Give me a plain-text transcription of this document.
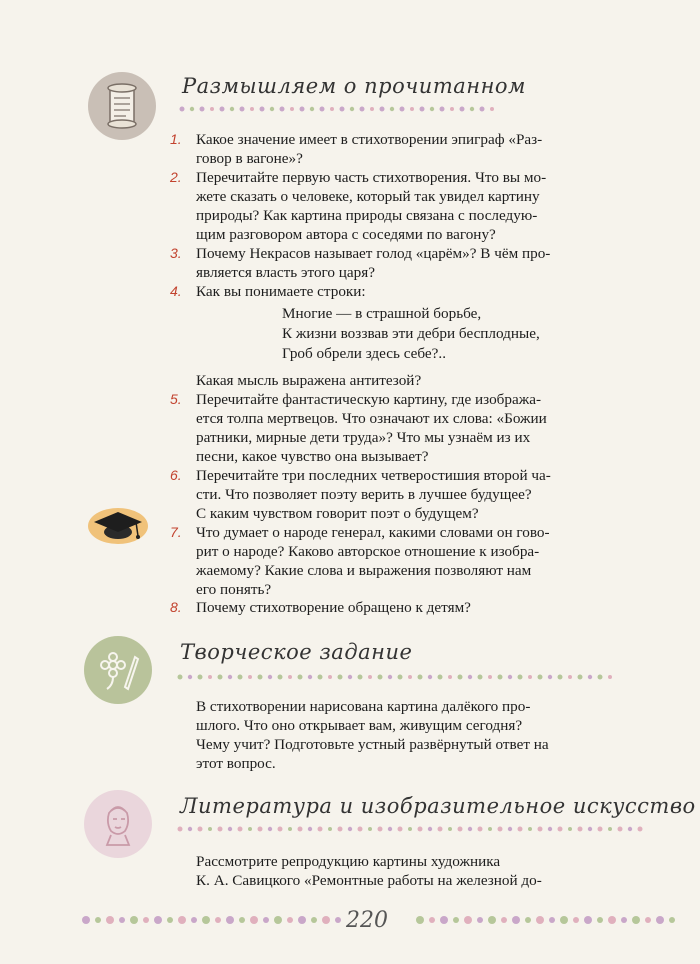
Размышляем о прочитанном
1. Какое значение имеет в стихотворении эпиграф «Раз-
говор в вагоне»?
2. Перечитайте первую часть стихотворения. Что вы мо-
жете сказать о человеке, который так увидел картину
природы? Как картина природы связана с последую-
щим разговором автора с соседями по вагону?
3. Почему Некрасов называет голод «царём»? В чём про-
является власть этого царя?
4. Как вы понимаете строки:
Многие — в страшной борьбе,
К жизни воззвав эти дебри бесплодные,
Гроб обрели здесь себе?..
Какая мысль выражена антитезой?
5. Перечитайте фантастическую картину, где изобража-
ется толпа мертвецов. Что означают их слова: «Божии
ратники, мирные дети труда»? Что мы узнаём из их
песни, какое чувство она вызывает?
6. Перечитайте три последних четверостишия второй ча-
сти. Что позволяет поэту верить в лучшее будущее?
С каким чувством говорит поэт о будущем?
7. Что думает о народе генерал, какими словами он гово-
рит о народе? Каково авторское отношение к изобра-
жаемому? Какие слова и выражения позволяют нам
его понять?
8. Почему стихотворение обращено к детям?
Творческое задание
В стихотворении нарисована картина далёкого про-
шлого. Что оно открывает вам, живущим сегодня?
Чему учит? Подготовьте устный развёрнутый ответ на
этот вопрос.
Литература и изобразительное искусство
Рассмотрите репродукцию картины художника
К. А. Савицкого «Ремонтные работы на железной до-
220
